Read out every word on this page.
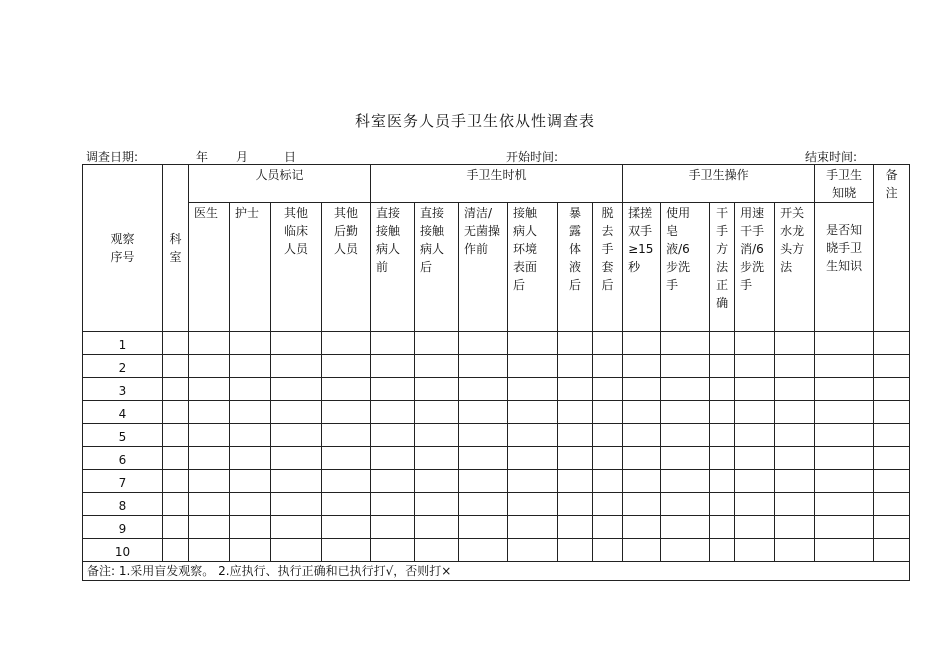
科室医务人员手卫生依从性调查表
调查日期:	年 月	日	开始时间:	结束时间:
观察序号	科室	人员标记				手卫生时机						手卫生操作					手卫生知晓	备注
		医生	护士	其他临床人员	其他后勤人员	直接接触病人前	直接接触病人后	清洁/无菌操作前	接触病人环境表面后	暴露体液后	脱去手套后	揉搓双手≥15秒	使用皂液/6步洗手	干手方法正确	用速干手消/6步洗手	开关水龙头方法	是否知晓手卫生知识	
1																		
2																		
3																		
4																		
5																		
6																		
7																		
8																		
9																		
10																		
备注: 1.采用盲发观察。 2.应执行、执行正确和已执行打√，否则打×																		
